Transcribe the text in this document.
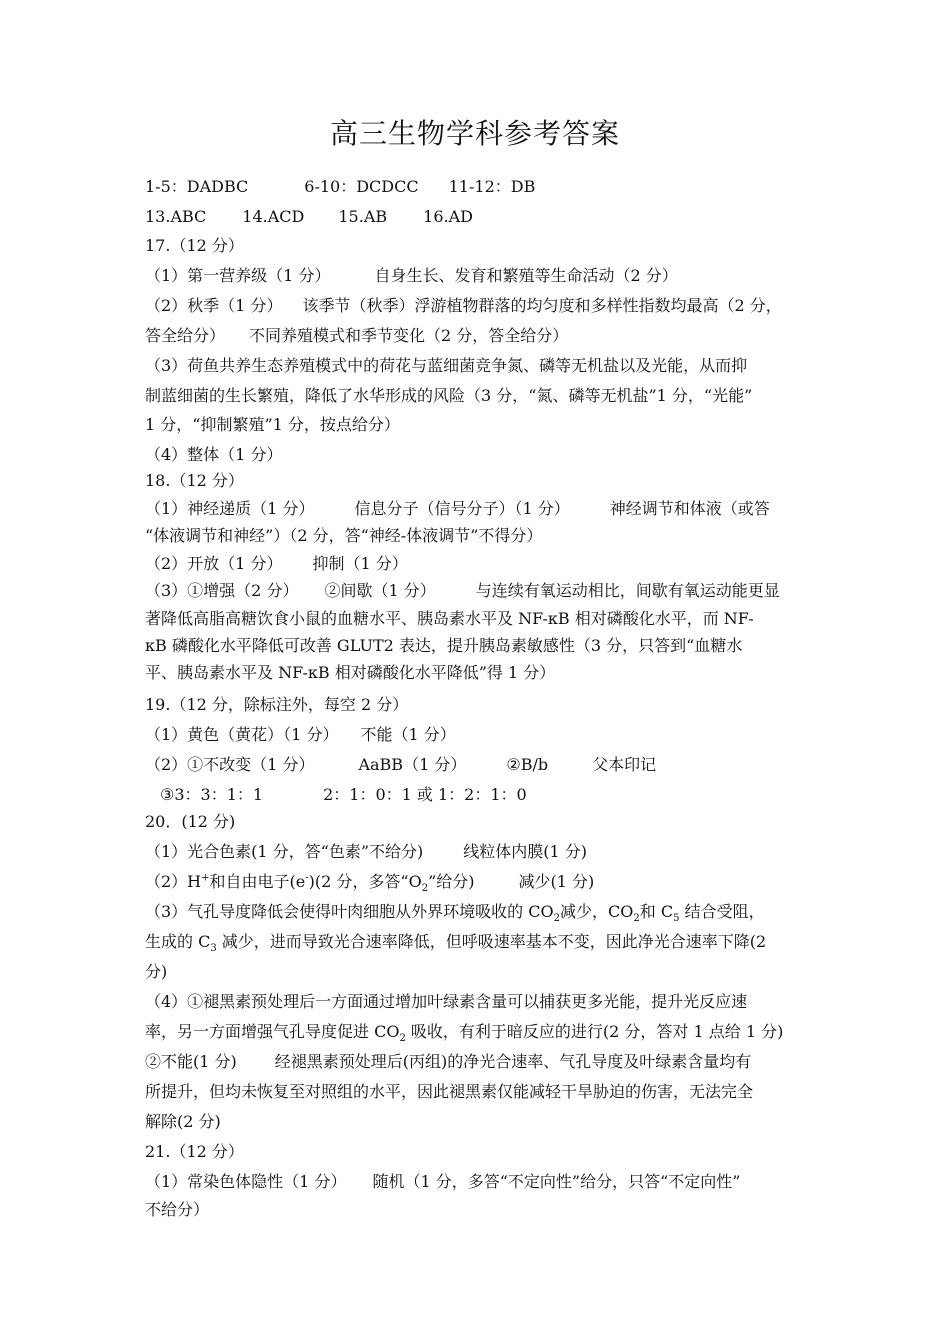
高三生物学科参考答案
1-5：DADBC	6-10：DCDCC 11-12：DB
13.ABC 14.ACD 15.AB 16.AD
17.（12 分）
（1）第一营养级（1 分）	自身生长、发育和繁殖等生命活动（2 分）
（2）秋季（1 分） 该季节（秋季）浮游植物群落的均匀度和多样性指数均最高（2 分，
答全给分） 不同养殖模式和季节变化（2 分，答全给分）
（3）荷鱼共养生态养殖模式中的荷花与蓝细菌竞争氮、磷等无机盐以及光能，从而抑
制蓝细菌的生长繁殖，降低了水华形成的风险（3 分，“氮、磷等无机盐”1 分，“光能”
1 分，“抑制繁殖”1 分，按点给分）
（4）整体（1 分）
18.（12 分）
（1）神经递质（1 分）	信息分子（信号分子）（1 分）	神经调节和体液（或答
“体液调节和神经”）（2 分，答“神经-体液调节”不得分）
（2）开放（1 分） 抑制（1 分）
（3）①增强（2 分） ②间歇（1 分）	与连续有氧运动相比，间歇有氧运动能更显
著降低高脂高糖饮食小鼠的血糖水平、胰岛素水平及 NF-κB 相对磷酸化水平，而 NF-
κB 磷酸化水平降低可改善 GLUT2 表达，提升胰岛素敏感性（3 分，只答到“血糖水
平、胰岛素水平及 NF-κB 相对磷酸化水平降低”得 1 分）
19.（12 分，除标注外，每空 2 分）
（1）黄色（黄花）（1 分） 不能（1 分）
（2）①不改变（1 分）	AaBB（1 分）	②B/b	父本印记
③3：3：1：1	2：1：0：1 或 1：2：1：0
20．(12 分)
（1）光合色素(1 分，答“色素”不给分)	线粒体内膜(1 分)
（2）H+和自由电子(e-)(2 分，多答“$O_2$”给分)	减少(1 分)
（3）气孔导度降低会使得叶肉细胞从外界环境吸收的 $CO_2$减少，$CO_2$和 $C_5$ 结合受阻，
生成的 $C_3$ 减少，进而导致光合速率降低，但呼吸速率基本不变，因此净光合速率下降(2
分)
（4）①褪黑素预处理后一方面通过增加叶绿素含量可以捕获更多光能，提升光反应速
率，另一方面增强气孔导度促进 $CO_2$ 吸收，有利于暗反应的进行(2 分，答对 1 点给 1 分)
②不能(1 分) 经褪黑素预处理后(丙组)的净光合速率、气孔导度及叶绿素含量均有
所提升，但均未恢复至对照组的水平，因此褪黑素仅能减轻干旱胁迫的伤害，无法完全
解除(2 分)
21.（12 分）
（1）常染色体隐性（1 分） 随机（1 分，多答“不定向性”给分，只答“不定向性”
不给分）
